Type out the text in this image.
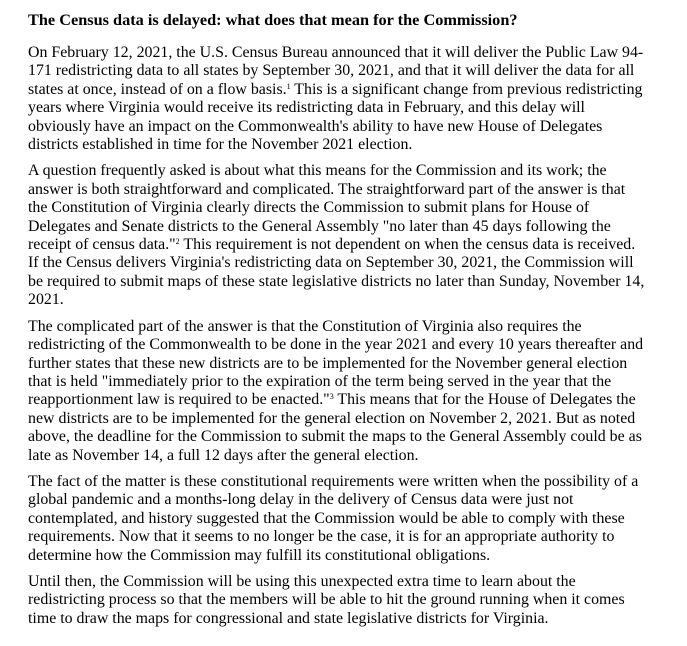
The Census data is delayed: what does that mean for the Commission?
On February 12, 2021, the U.S. Census Bureau announced that it will deliver the Public Law 94-
171 redistricting data to all states by September 30, 2021, and that it will deliver the data for all
states at once, instead of on a flow basis.$^1$ This is a significant change from previous redistricting
years where Virginia would receive its redistricting data in February, and this delay will
obviously have an impact on the Commonwealth's ability to have new House of Delegates
districts established in time for the November 2021 election.
A question frequently asked is about what this means for the Commission and its work; the
answer is both straightforward and complicated. The straightforward part of the answer is that
the Constitution of Virginia clearly directs the Commission to submit plans for House of
Delegates and Senate districts to the General Assembly "no later than 45 days following the
receipt of census data."$^2$ This requirement is not dependent on when the census data is received.
If the Census delivers Virginia's redistricting data on September 30, 2021, the Commission will
be required to submit maps of these state legislative districts no later than Sunday, November 14,
2021.
The complicated part of the answer is that the Constitution of Virginia also requires the
redistricting of the Commonwealth to be done in the year 2021 and every 10 years thereafter and
further states that these new districts are to be implemented for the November general election
that is held "immediately prior to the expiration of the term being served in the year that the
reapportionment law is required to be enacted."$^3$ This means that for the House of Delegates the
new districts are to be implemented for the general election on November 2, 2021. But as noted
above, the deadline for the Commission to submit the maps to the General Assembly could be as
late as November 14, a full 12 days after the general election.
The fact of the matter is these constitutional requirements were written when the possibility of a
global pandemic and a months-long delay in the delivery of Census data were just not
contemplated, and history suggested that the Commission would be able to comply with these
requirements. Now that it seems to no longer be the case, it is for an appropriate authority to
determine how the Commission may fulfill its constitutional obligations.
Until then, the Commission will be using this unexpected extra time to learn about the
redistricting process so that the members will be able to hit the ground running when it comes
time to draw the maps for congressional and state legislative districts for Virginia.
